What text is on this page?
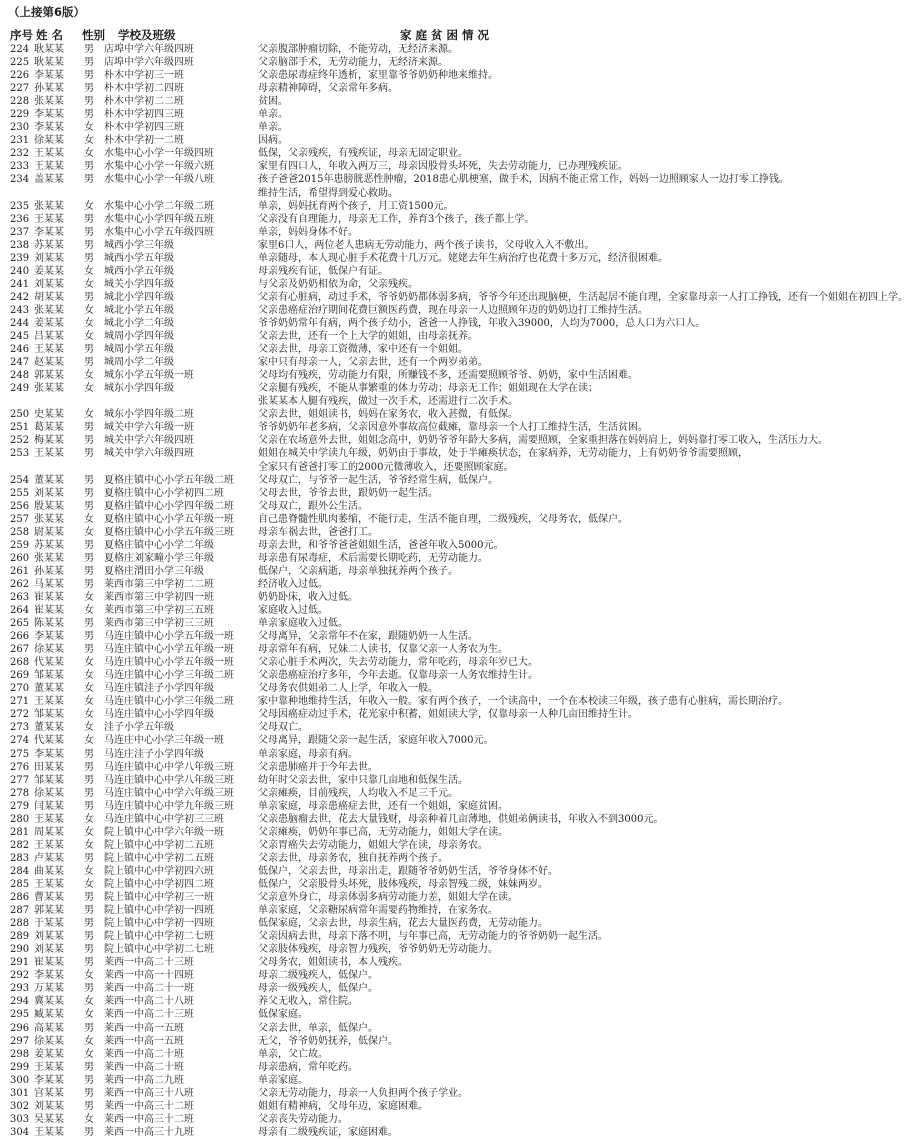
（上接第6版）
序号 姓 名 性别 学校及班级	家 庭 贫 困 情 况
224 耿某某	男	店埠中学六年级四班	父亲腹部肿瘤切除，不能劳动，无经济来源。
225 耿某某	男	店埠中学六年级四班	父亲脑部手术，无劳动能力，无经济来源。
226 李某某	男	朴木中学初三一班	父亲患尿毒症终年透析，家里靠爷爷奶奶种地来维持。
227 孙某某	男	朴木中学初二四班	母亲精神障碍，父亲常年多病。
228 张某某	男	朴木中学初二二班	贫困。
229 李某某	男	朴木中学初四三班	单亲。
230 李某某	女	朴木中学初四三班	单亲。
231 徐某某	女	朴木中学初一二班	因病。
232 王某某	女	水集中心小学一年级四班	低保，父亲残疾，有残疾证，母亲无固定职业。
233 王某某	男	水集中心小学一年级六班	家里有四口人，年收入两万三，母亲因股骨头坏死，失去劳动能力，已办理残疾证。
234 盖某某	男	水集中心小学一年级八班	孩子爸爸2015年患膀胱恶性肿瘤，2018患心肌梗塞，做手术，因病不能正常工作，妈妈一边照顾家人一边打零工挣钱。
维持生活，希望得到爱心救助。
235 张某某	女	水集中心小学二年级二班	单亲，妈妈抚育两个孩子，月工资1500元。
236 王某某	男	水集中心小学四年级五班	父亲没有自理能力，母亲无工作，养育3个孩子，孩子都上学。
237 李某某	男	水集中心小学五年级四班	单亲，妈妈身体不好。
238 苏某某	男	城西小学三年级	家里6口人，两位老人患病无劳动能力，两个孩子读书，父母收入入不敷出。
239 刘某某	男	城西小学五年级	单亲随母，本人现心脏手术花费十几万元。姥姥去年生病治疗也花费十多万元，经济很困难。
240 姜某某	女	城西小学五年级	母亲残疾有证，低保户有证。
241 刘某某	女	城关小学四年级	与父亲及奶奶相依为命，父亲残疾。
242 胡某某	男	城北小学四年级	父亲有心脏病，动过手术，爷爷奶奶都体弱多病，爷爷今年还出现脑梗，生活起居不能自理，全家靠母亲一人打工挣钱，还有一个姐姐在初四上学。
243 张某某	女	城北小学五年级	父亲患癌症治疗期间花费巨额医药费，现在母亲一人边照顾年迈的奶奶边打工维持生活。
244 姜某某	女	城北小学二年级	爷爷奶奶常年有病，两个孩子幼小，爸爸一人挣钱，年收入39000，人均为7000，总人口为六口人。
245 吕某某	女	城周小学四年级	父亲去世，还有一个上大学的姐姐，由母亲抚养。
246 王某某	男	城周小学五年级	父亲去世，母亲工资微薄，家中还有一个姐姐。
247 赵某某	男	城周小学二年级	家中只有母亲一人，父亲去世，还有一个两岁弟弟。
248 郭某某	女	城东小学五年级一班	父母均有残疾，劳动能力有限，所赚钱不多，还需要照顾爷爷、奶奶，家中生活困难。
249 张某某	女	城东小学四年级	父亲腿有残疾，不能从事繁重的体力劳动；母亲无工作；姐姐现在大学在读；
张某某本人腿有残疾，做过一次手术，还需进行二次手术。
250 史某某	女	城东小学四年级二班	父亲去世，姐姐读书，妈妈在家务农，收入甚微，有低保。
251 葛某某	男	城关中学六年级一班	爷爷奶奶年老多病，父亲因意外事故高位截瘫，靠母亲一个人打工维持生活，生活贫困。
252 梅某某	男	城关中学六年级四班	父亲在农场意外去世，姐姐念高中，奶奶爷爷年龄大多病，需要照顾，全家重担落在妈妈肩上，妈妈靠打零工收入，生活压力大。
253 王某某	男	城关中学六年级四班	姐姐在城关中学读九年级，奶奶由于事故，处于半瘫痪状态，在家病养，无劳动能力，上有奶奶爷爷需要照顾，
全家只有爸爸打零工的2000元微薄收入，还要照顾家庭。
254 董某某	男	夏格庄镇中心小学五年级二班	父母双亡，与爷爷一起生活，爷爷经常生病，低保户。
255 刘某某	男	夏格庄镇中心小学初四二班	父母去世，爷爷去世，跟奶奶一起生活。
256 殷某某	男	夏格庄镇中心小学四年级二班	父母双亡，跟外公生活。
257 张某某	女	夏格庄镇中心小学五年级一班	自己患脊髓性肌肉萎缩，不能行走，生活不能自理，二级残疾，父母务农，低保户。
258 尉某某	女	夏格庄镇中心小学五年级三班	母亲车祸去世，爸爸打工。
259 苏某某	男	夏格庄镇中心小学二年级	母亲去世，和爷爷爸爸姐姐生活，爸爸年收入5000元。
260 张某某	男	夏格庄刘家疃小学三年级	母亲患有尿毒症，术后需要长期吃药，无劳动能力。
261 孙某某	男	夏格庄渭田小学三年级	低保户，父亲病逝，母亲单独抚养两个孩子。
262 马某某	男	莱西市第三中学初二二班	经济收入过低。
263 崔某某	女	莱西市第三中学初四一班	奶奶卧床，收入过低。
264 崔某某	女	莱西市第三中学初三五班	家庭收入过低。
265 陈某某	男	莱西市第三中学初三三班	单亲家庭收入过低。
266 李某某	男	马连庄镇中心小学五年级一班	父母离异，父亲常年不在家，跟随奶奶一人生活。
267 徐某某	男	马连庄镇中心小学五年级一班	母亲常年有病，兄妹二人读书，仅靠父亲一人务农为生。
268 代某某	女	马连庄镇中心小学五年级一班	父亲心脏手术两次，失去劳动能力，常年吃药，母亲年岁已大。
269 邹某某	女	马连庄镇中心小学三年级二班	父亲患癌症治疗多年，今年去逝。仅靠母亲一人务农维持生计。
270 董某某	女	马连庄镇洼子小学四年级	父母务农供姐弟二人上学，年收入一般。
271 王某某	女	马连庄镇中心小学三年级二班	家中靠种地维持生活，年收入一般。家有两个孩子，一个读高中，一个在本校读三年级，孩子患有心脏病，需长期治疗。
272 邹某某	女	马连庄镇中心小学四年级	父母因癌症动过手术，花光家中积蓄，姐姐读大学，仅靠母亲一人种几亩田维持生计。
273 董某某	女	洼子小学五年级	父母双亡。
274 代某某	女	马连庄中心小学三年级一班	父母离异，跟随父亲一起生活，家庭年收入7000元。
275 李某某	男	马连庄洼子小学四年级	单亲家庭，母亲有病。
276 田某某	男	马连庄镇中心中学八年级三班	父亲患肺癌并于今年去世。
277 邹某某	男	马连庄镇中心中学八年级三班	幼年时父亲去世，家中只靠几亩地和低保生活。
278 徐某某	男	马连庄镇中心中学六年级三班	父亲瘫痪，目前残疾，人均收入不足三千元。
279 闫某某	男	马连庄镇中心中学九年级三班	单亲家庭，母亲患癌症去世，还有一个姐姐，家庭贫困。
280 王某某	女	马连庄镇中心中学初三三班	父亲患脑瘤去世，花去大量钱财，母亲种着几亩薄地，供姐弟俩读书，年收入不到3000元。
281 周某某	女	院上镇中心中学六年级一班	父亲瘫痪，奶奶年事已高，无劳动能力，姐姐大学在读。
282 王某某	女	院上镇中心中学初二五班	父亲胃癌失去劳动能力，姐姐大学在读，母亲务农。
283 卢某某	男	院上镇中心中学初二五班	父亲去世，母亲务农，独自抚养两个孩子。
284 曲某某	女	院上镇中心中学初四六班	低保户，父亲去世，母亲出走，跟随爷爷奶奶生活，爷爷身体不好。
285 王某某	女	院上镇中心中学初四二班	低保户，父亲股骨头坏死，肢体残疾，母亲智残二级，妹妹两岁。
286 曹某某	男	院上镇中心中学初三一班	父亲意外身亡，母亲体弱多病劳动能力差，姐姐大学在读。
287 郭某某	男	院上镇中心中学初一四班	单亲家庭，父亲糖尿病常年需要药物维持，在家务农。
288 于某某	男	院上镇中心中学初一四班	低保家庭，父亲去世，母亲生病，花去大量医药费，无劳动能力。
289 刘某某	男	院上镇中心中学初二七班	父亲因病去世，母亲下落不明，与年事已高，无劳动能力的爷爷奶奶一起生活。
290 刘某某	男	院上镇中心中学初二七班	父亲肢体残疾，母亲智力残疾，爷爷奶奶无劳动能力。
291 崔某某	男	莱西一中高二十三班	父母务农，姐姐读书，本人残疾。
292 李某某	女	莱西一中高一十四班	母亲二级残疾人，低保户。
293 万某某	男	莱西一中高二十一班	母亲一级残疾人，低保户。
294 冀某某	女	莱西一中高二十八班	养父无收入，常住院。
295 臧某某	女	莱西一中高二十三班	低保家庭。
296 高某某	男	莱西一中高一五班	父亲去世，单亲，低保户。
297 徐某某	女	莱西一中高一五班	无父，爷爷奶奶抚养，低保户。
298 姜某某	女	莱西一中高二十班	单亲，父亡故。
299 王某某	男	莱西一中高二十班	母亲患病，常年吃药。
300 李某某	男	莱西一中高二九班	单亲家庭。
301 宫某某	男	莱西一中高三十八班	父亲无劳动能力，母亲一人负担两个孩子学业。
302 刘某某	男	莱西一中高三十二班	姐姐有精神病，父母年迈，家庭困难。
303 吴某某	女	莱西一中高三十二班	父亲丧失劳动能力。
304 王某某	男	莱西一中高三十九班	母亲有二级残疾证，家庭困难。
